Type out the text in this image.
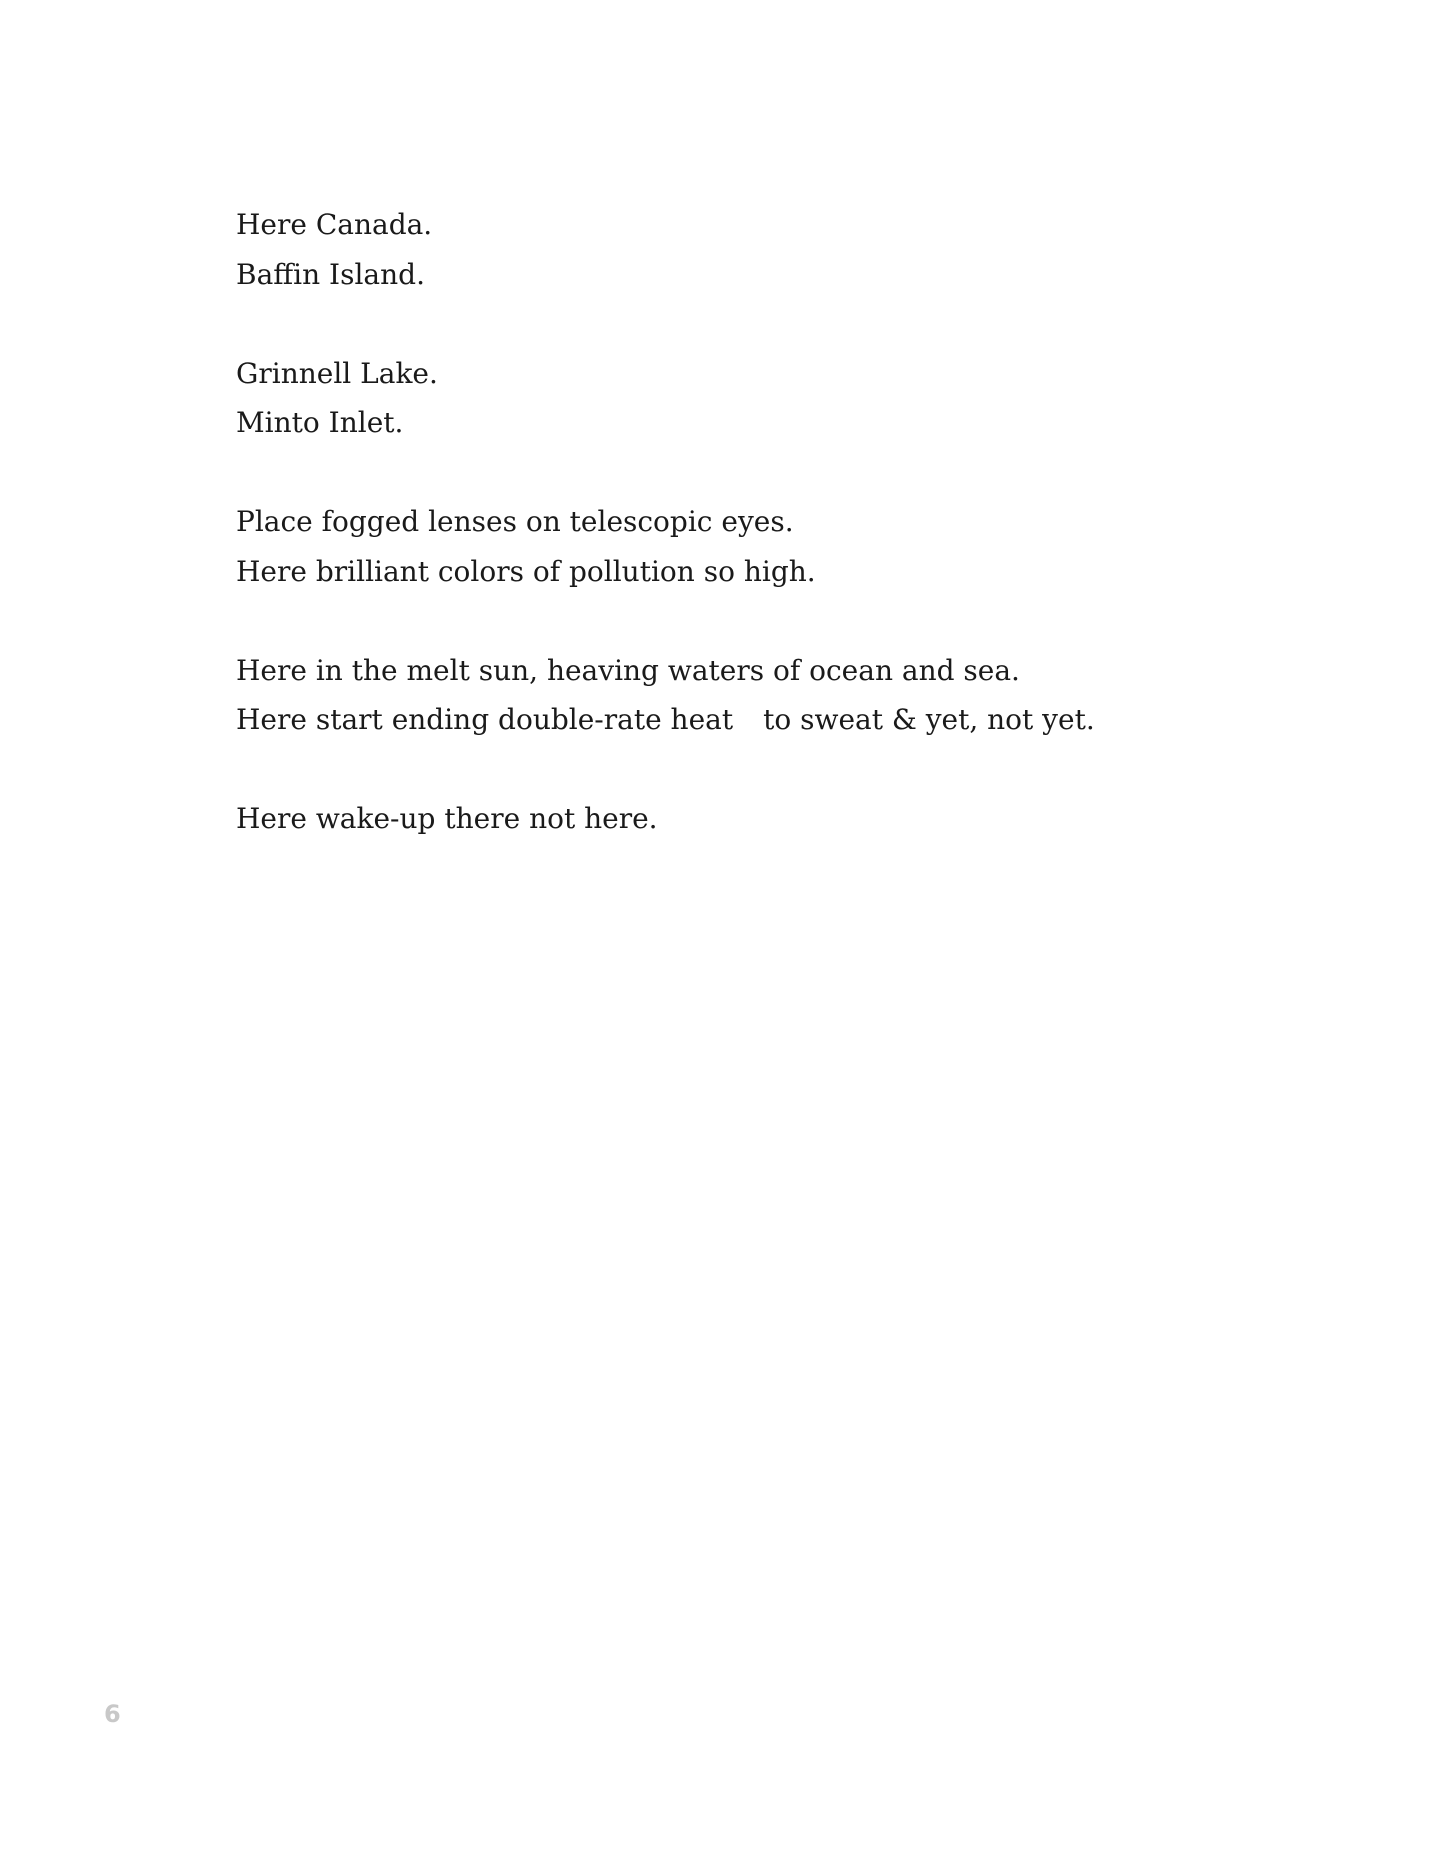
Here Canada.
Baffin Island.
Grinnell Lake.
Minto Inlet.
Place fogged lenses on telescopic eyes.
Here brilliant colors of pollution so high.
Here in the melt sun, heaving waters of ocean and sea.
Here start ending double-rate heat to sweat & yet, not yet.
Here wake-up there not here.
6
